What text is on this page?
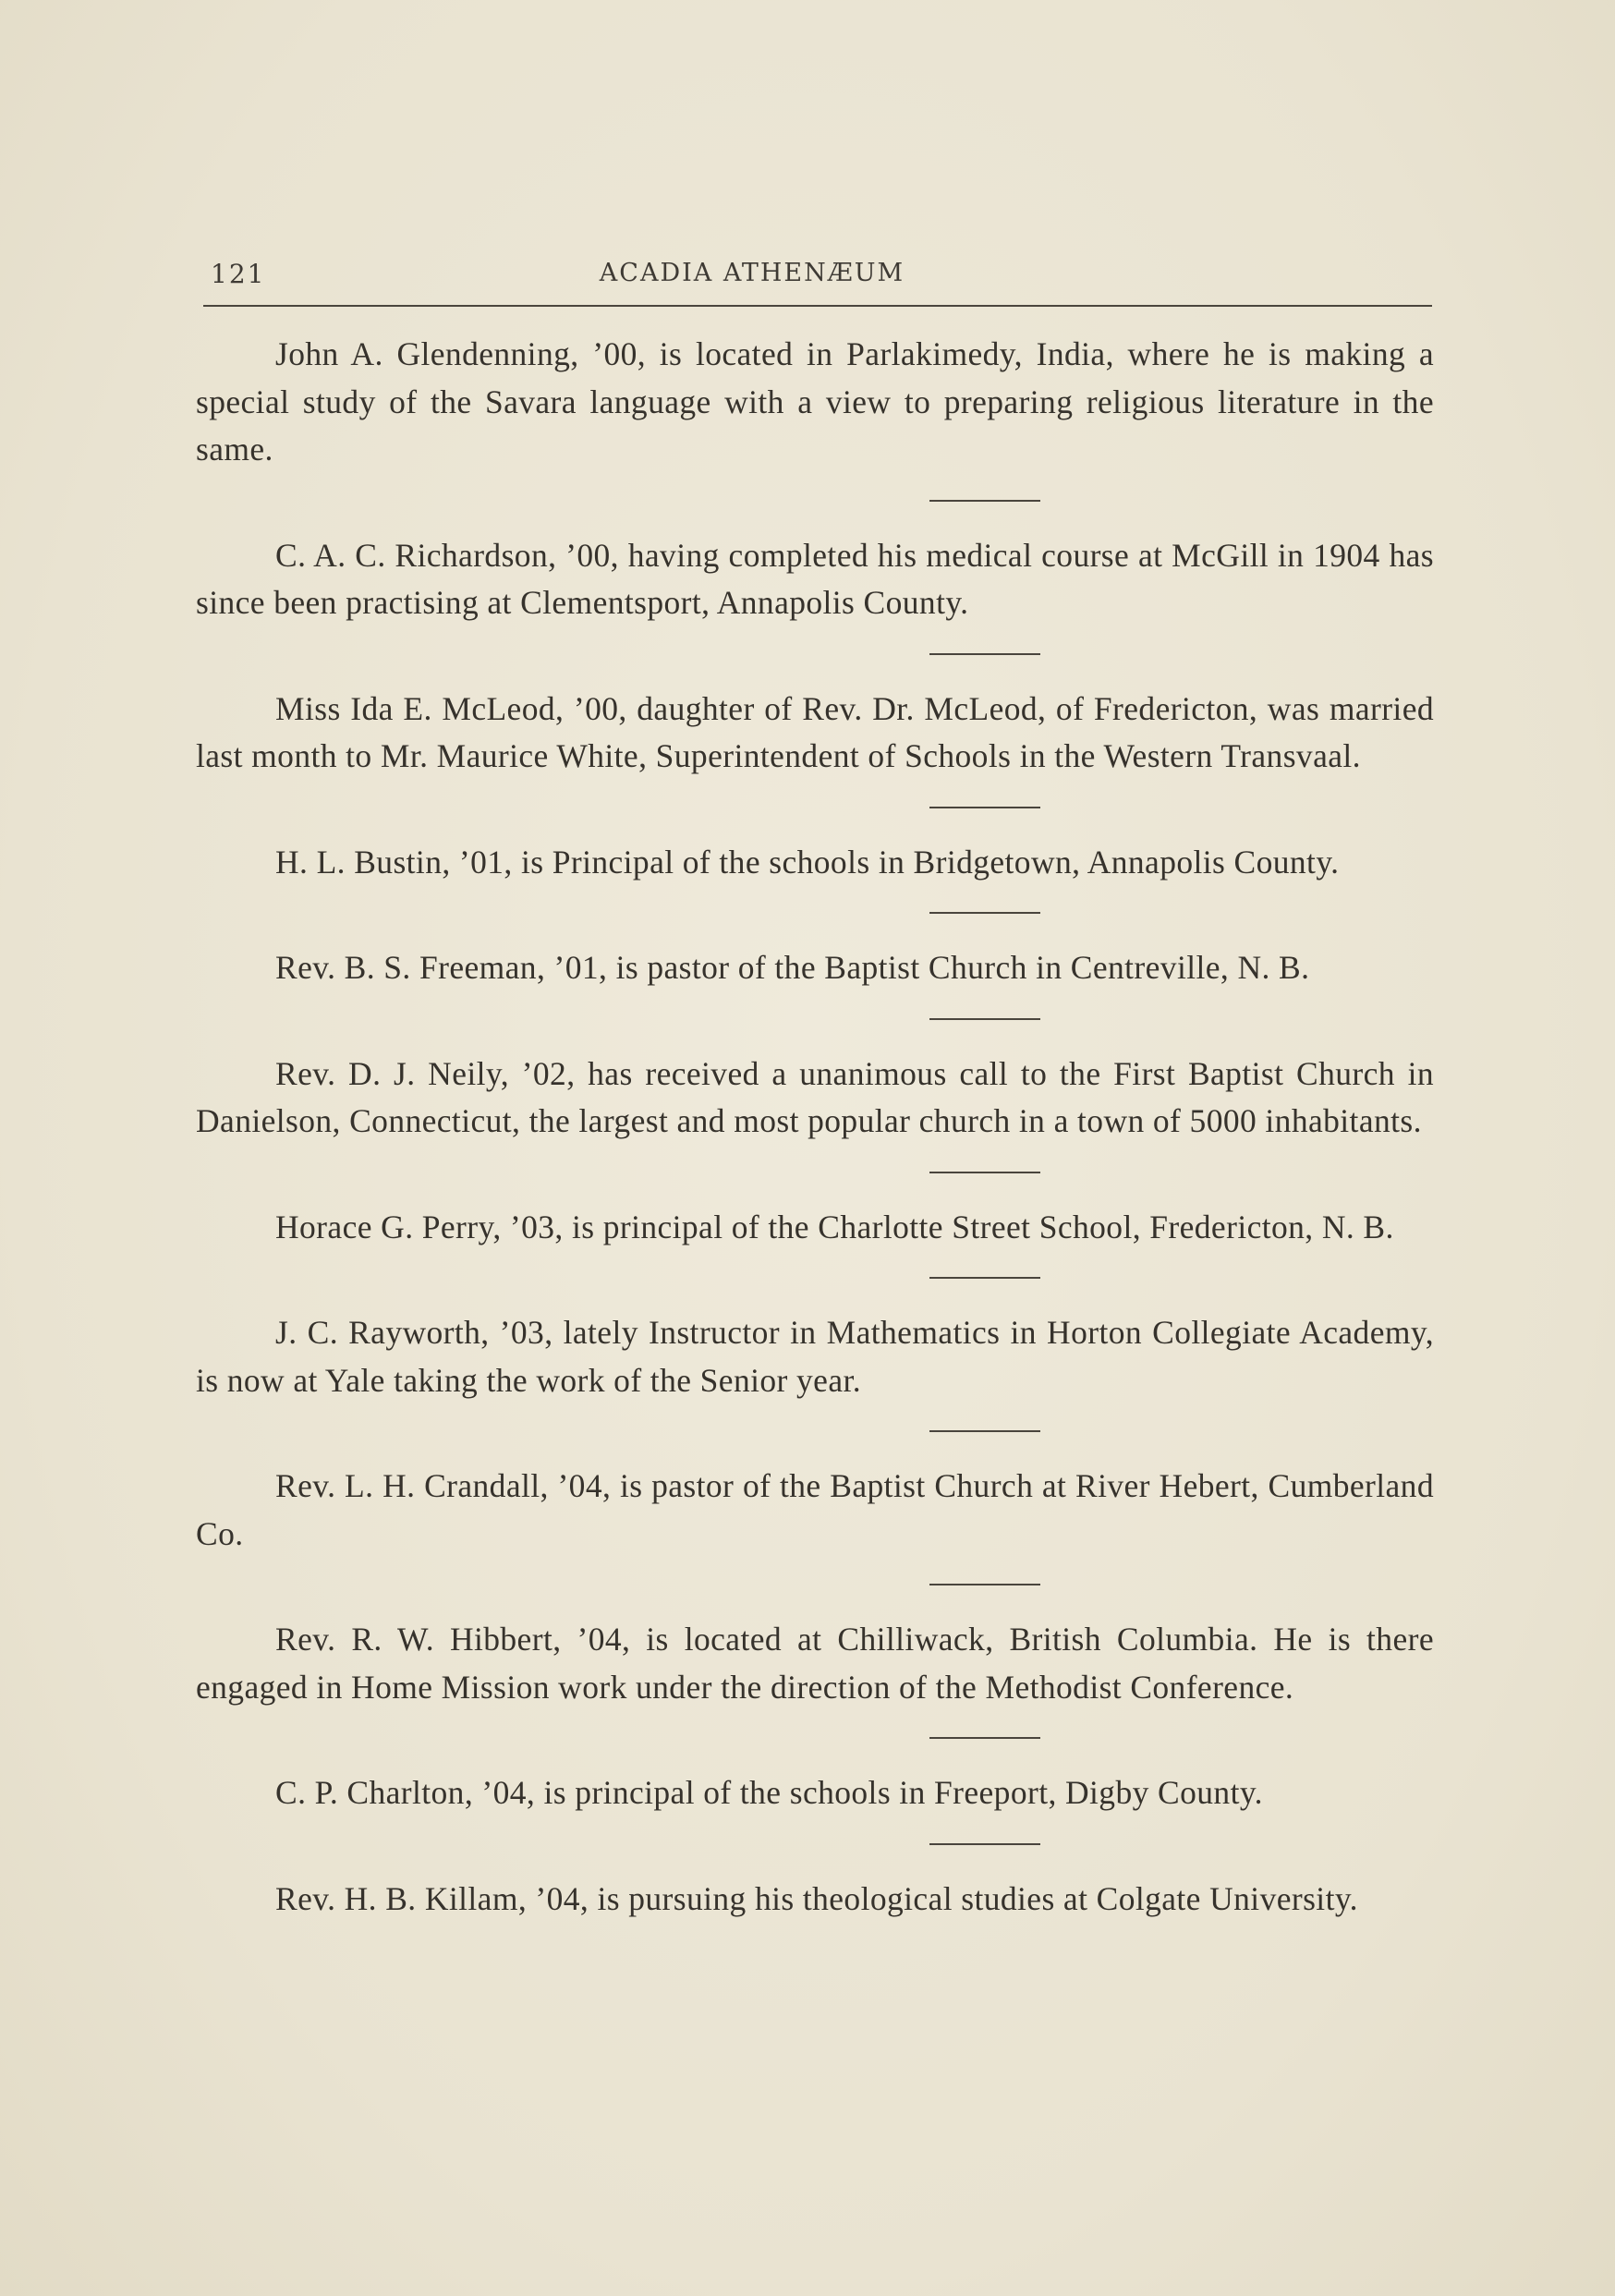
121	ACADIA ATHENÆUM

John A. Glendenning, ’00, is located in Parlakimedy, India, where he is making a special study of the Savara language with a view to preparing religious literature in the same.

C. A. C. Richardson, ’00, having completed his medical course at McGill in 1904 has since been practising at Clementsport, Annapolis County.

Miss Ida E. McLeod, ’00, daughter of Rev. Dr. McLeod, of Fredericton, was married last month to Mr. Maurice White, Superintendent of Schools in the Western Transvaal.

H. L. Bustin, ’01, is Principal of the schools in Bridgetown, Annapolis County.

Rev. B. S. Freeman, ’01, is pastor of the Baptist Church in Centreville, N. B.

Rev. D. J. Neily, ’02, has received a unanimous call to the First Baptist Church in Danielson, Connecticut, the largest and most popular church in a town of 5000 inhabitants.

Horace G. Perry, ’03, is principal of the Charlotte Street School, Fredericton, N. B.

J. C. Rayworth, ’03, lately Instructor in Mathematics in Horton Collegiate Academy, is now at Yale taking the work of the Senior year.

Rev. L. H. Crandall, ’04, is pastor of the Baptist Church at River Hebert, Cumberland Co.

Rev. R. W. Hibbert, ’04, is located at Chilliwack, British Columbia. He is there engaged in Home Mission work under the direction of the Methodist Conference.

C. P. Charlton, ’04, is principal of the schools in Freeport, Digby County.

Rev. H. B. Killam, ’04, is pursuing his theological studies at Colgate University.
